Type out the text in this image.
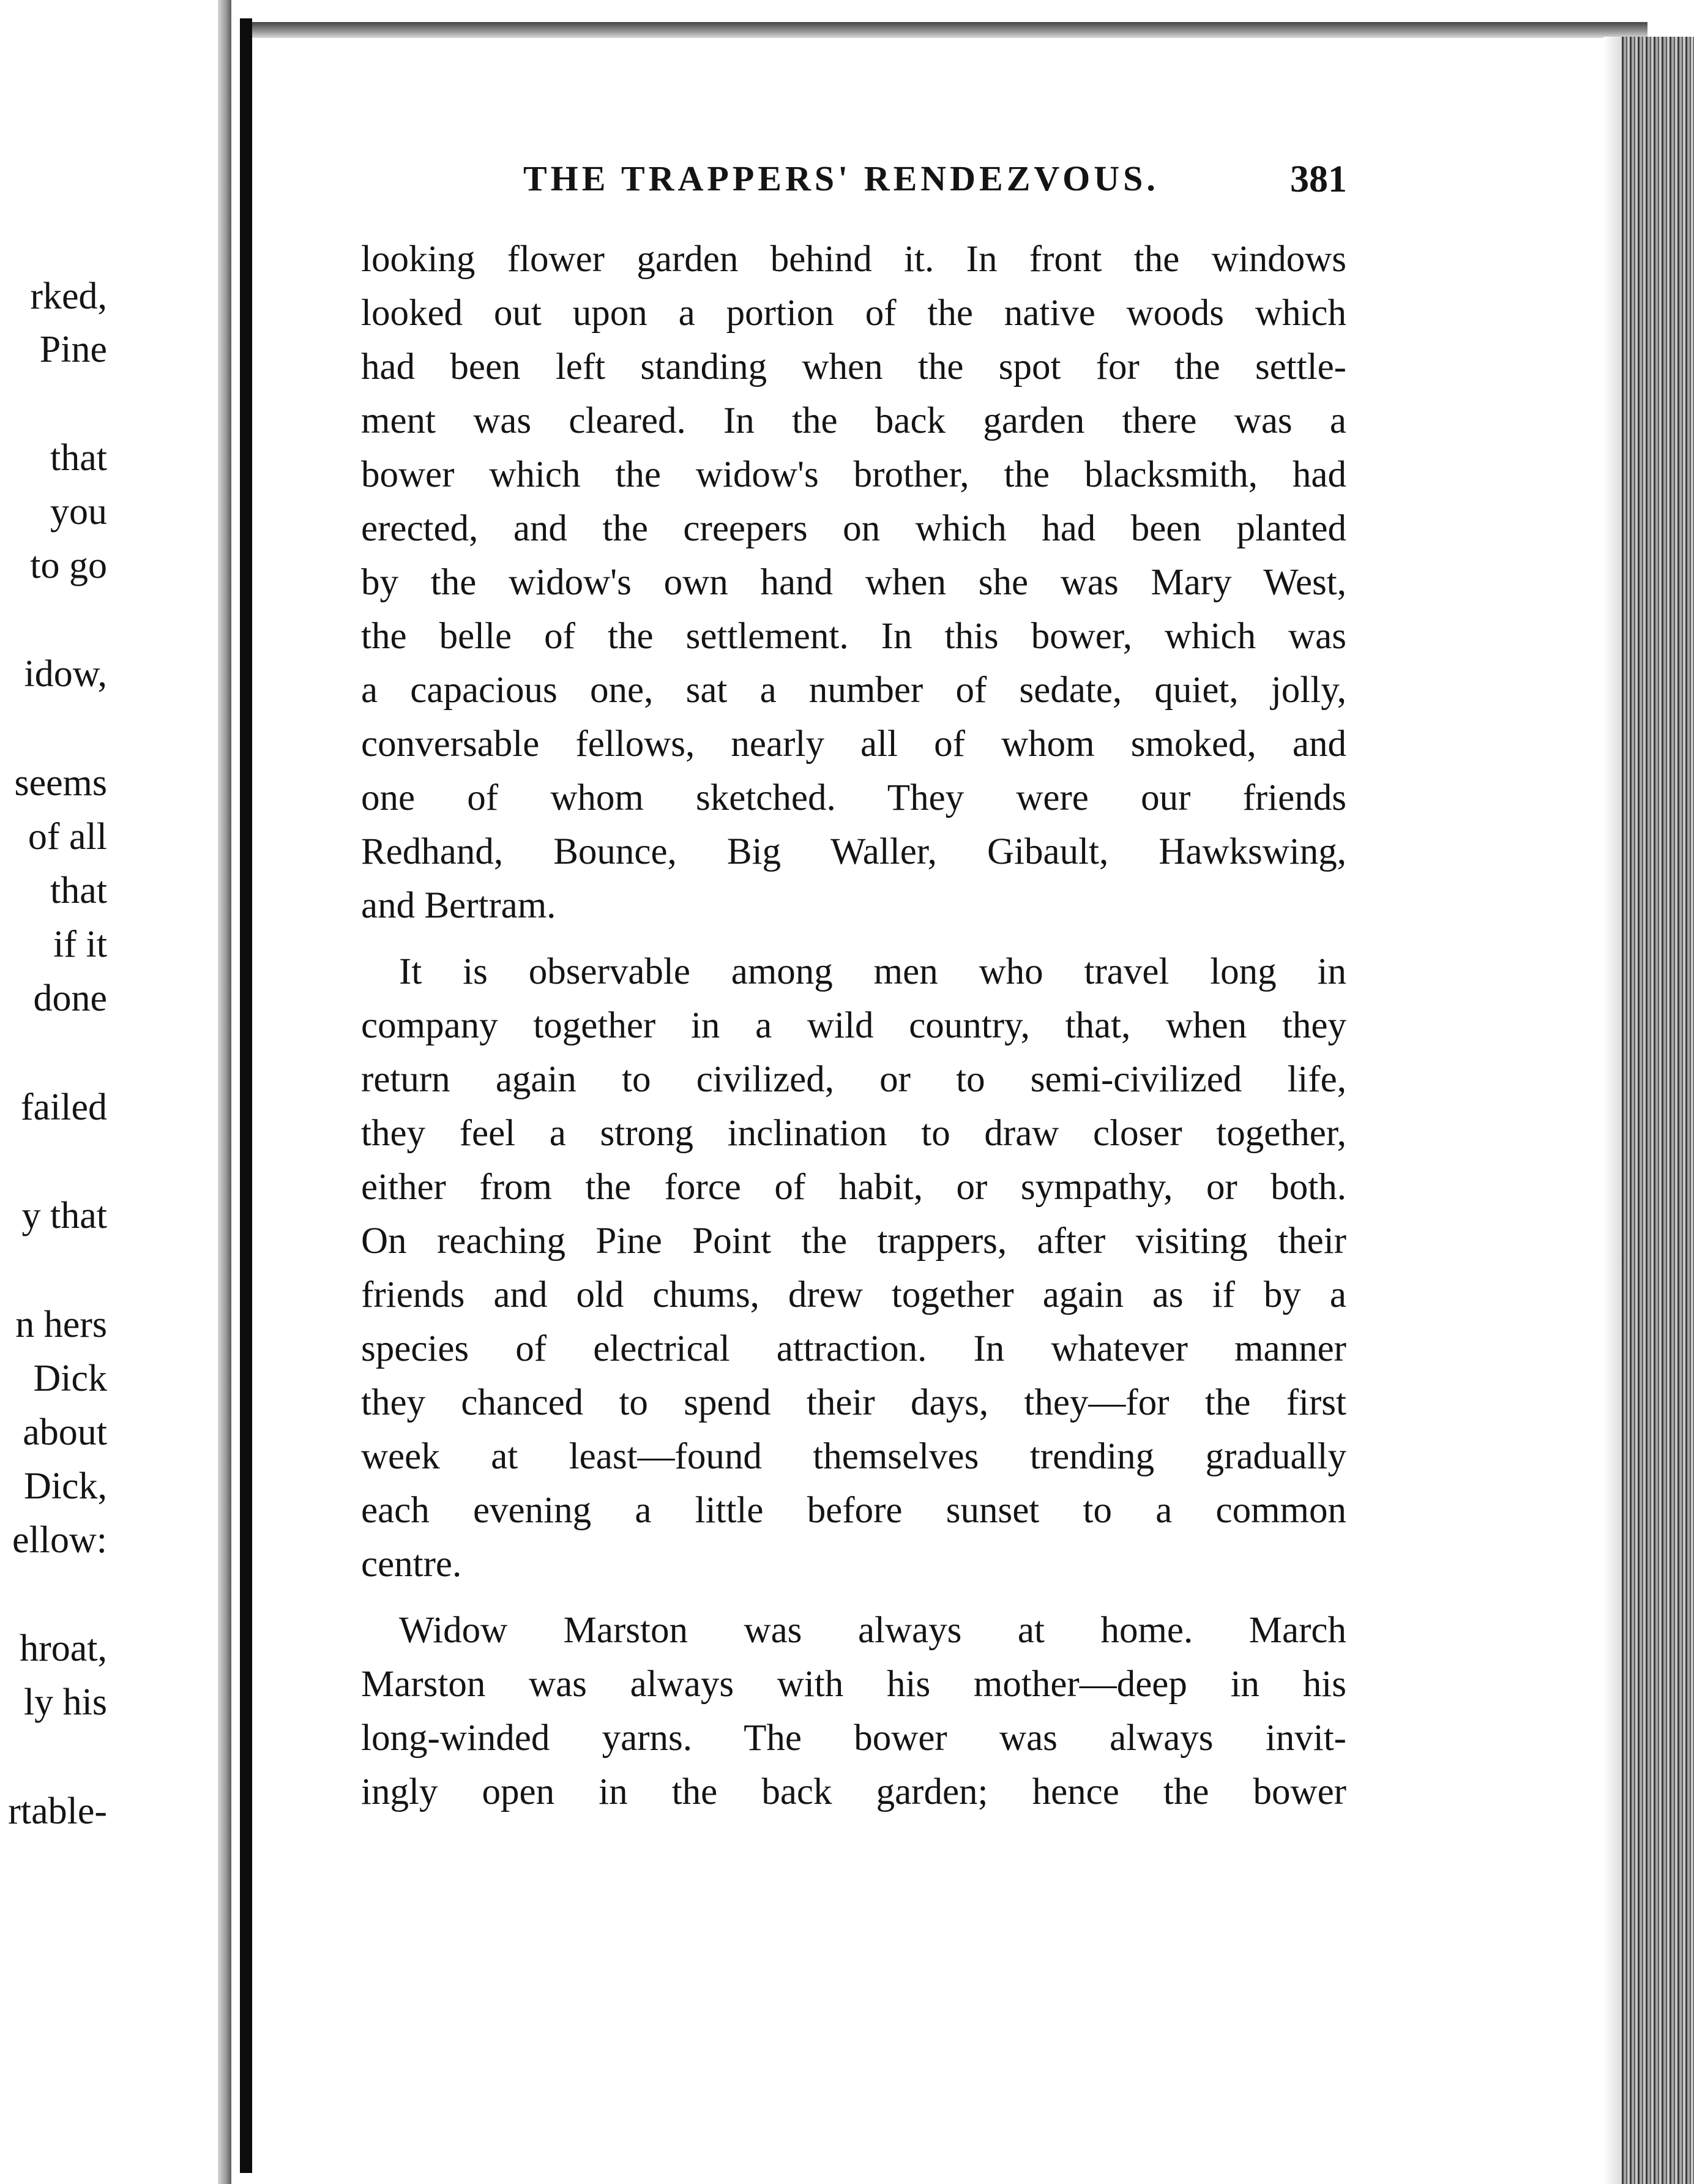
rked,
Pine
that
you
to go
idow,
seems
of all
that
if it
done
failed
y that
n hers
Dick
about
Dick,
ellow:
hroat,
ly his
rtable-
THE TRAPPERS' RENDEZVOUS.	381
looking flower garden behind it. In front the windows
looked out upon a portion of the native woods which
had been left standing when the spot for the settle-
ment was cleared. In the back garden there was a
bower which the widow's brother, the blacksmith, had
erected, and the creepers on which had been planted
by the widow's own hand when she was Mary West,
the belle of the settlement. In this bower, which was
a capacious one, sat a number of sedate, quiet, jolly,
conversable fellows, nearly all of whom smoked, and
one of whom sketched. They were our friends
Redhand, Bounce, Big Waller, Gibault, Hawkswing,
and Bertram.
It is observable among men who travel long in
company together in a wild country, that, when they
return again to civilized, or to semi-civilized life,
they feel a strong inclination to draw closer together,
either from the force of habit, or sympathy, or both.
On reaching Pine Point the trappers, after visiting their
friends and old chums, drew together again as if by a
species of electrical attraction. In whatever manner
they chanced to spend their days, they—for the first
week at least—found themselves trending gradually
each evening a little before sunset to a common
centre.
Widow Marston was always at home. March
Marston was always with his mother—deep in his
long-winded yarns. The bower was always invit-
ingly open in the back garden; hence the bower
